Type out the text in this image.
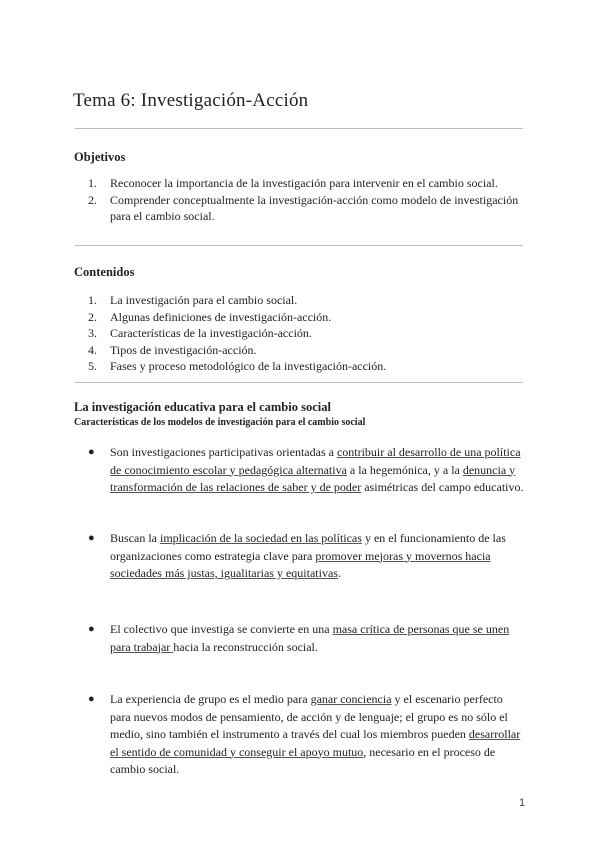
Tema 6: Investigación-Acción
Objetivos
1. Reconocer la importancia de la investigación para intervenir en el cambio social.
2. Comprender conceptualmente la investigación-acción como modelo de investigación para el cambio social.
Contenidos
1. La investigación para el cambio social.
2. Algunas definiciones de investigación-acción.
3. Características de la investigación-acción.
4. Tipos de investigación-acción.
5. Fases y proceso metodológico de la investigación-acción.
La investigación educativa para el cambio social
Características de los modelos de investigación para el cambio social
●	Son investigaciones participativas orientadas a contribuir al desarrollo de una política de conocimiento escolar y pedagógica alternativa a la hegemónica, y a la denuncia y transformación de las relaciones de saber y de poder asimétricas del campo educativo.
●	Buscan la implicación de la sociedad en las políticas y en el funcionamiento de las organizaciones como estrategia clave para promover mejoras y movernos hacia sociedades más justas, igualitarias y equitativas.
●	El colectivo que investiga se convierte en una masa crítica de personas que se unen para trabajar hacia la reconstrucción social.
●	La experiencia de grupo es el medio para ganar conciencia y el escenario perfecto para nuevos modos de pensamiento, de acción y de lenguaje; el grupo es no sólo el medio, sino también el instrumento a través del cual los miembros pueden desarrollar el sentido de comunidad y conseguir el apoyo mutuo, necesario en el proceso de cambio social.
1
